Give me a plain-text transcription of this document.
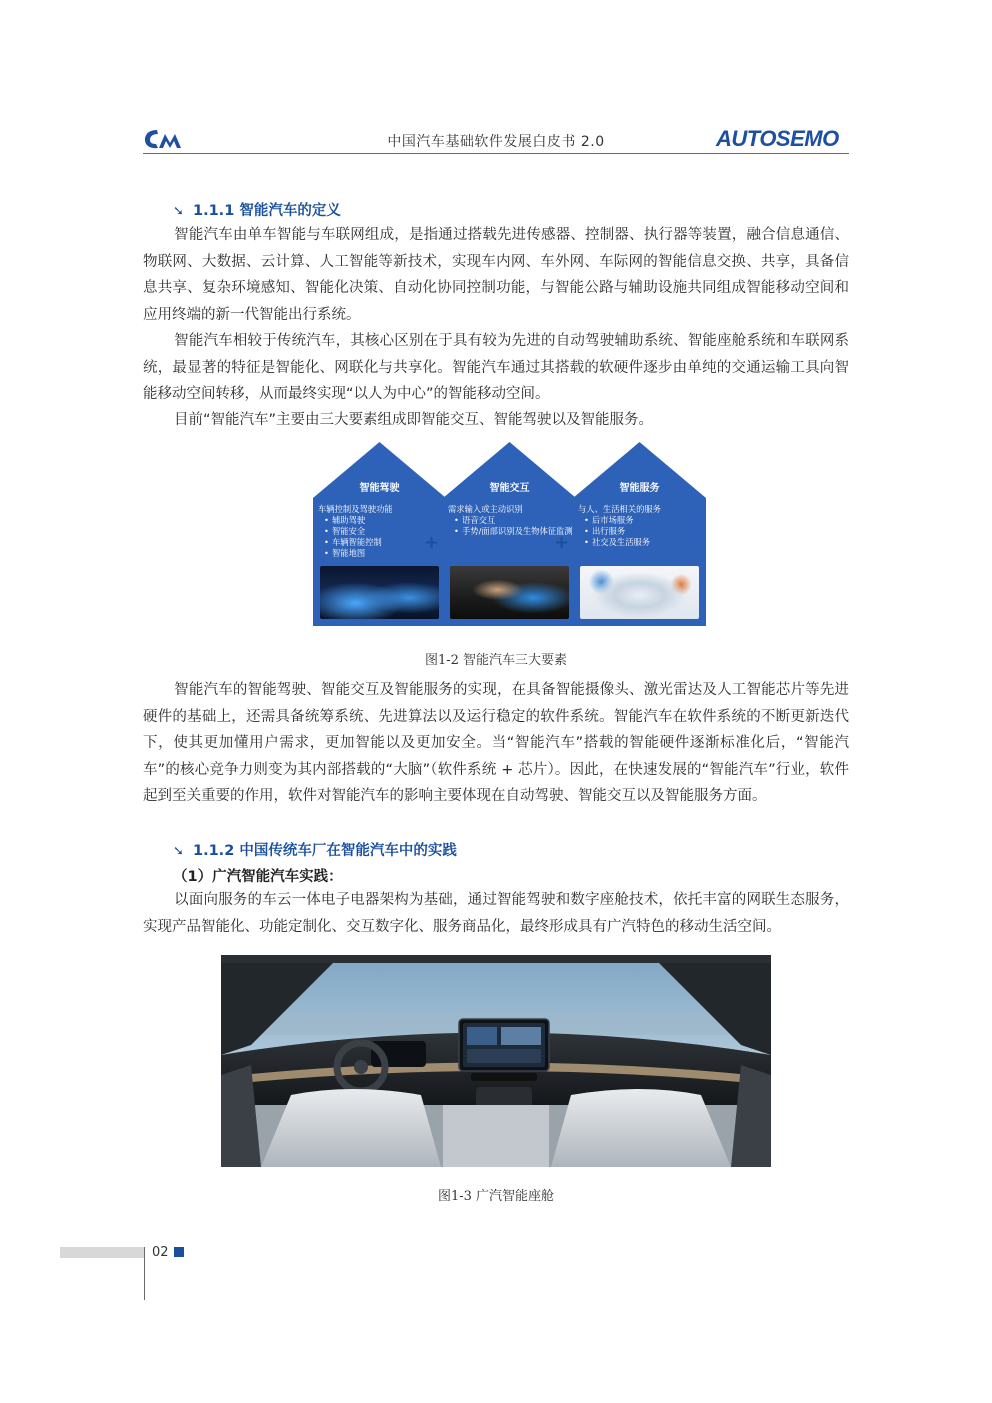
中国汽车基础软件发展白皮书 2.0	AUTOSEMO
➘ 1.1.1 智能汽车的定义
智能汽车由单车智能与车联网组成，是指通过搭载先进传感器、控制器、执行器等装置，融合信息通信、物联网、大数据、云计算、人工智能等新技术，实现车内网、车外网、车际网的智能信息交换、共享，具备信息共享、复杂环境感知、智能化决策、自动化协同控制功能，与智能公路与辅助设施共同组成智能移动空间和应用终端的新一代智能出行系统。
智能汽车相较于传统汽车，其核心区别在于具有较为先进的自动驾驶辅助系统、智能座舱系统和车联网系统，最显著的特征是智能化、网联化与共享化。智能汽车通过其搭载的软硬件逐步由单纯的交通运输工具向智能移动空间转移，从而最终实现“以人为中心”的智能移动空间。
目前“智能汽车”主要由三大要素组成即智能交互、智能驾驶以及智能服务。
智能驾驶
车辆控制及驾驶功能
• 辅助驾驶
• 智能安全
• 车辆智能控制
• 智能地图	+
智能交互
需求输入或主动识别
• 语音交互
• 手势/面部识别及生物体征监测
+
智能服务
与人、生活相关的服务
• 后市场服务
• 出行服务
• 社交及生活服务
图1-2 智能汽车三大要素
智能汽车的智能驾驶、智能交互及智能服务的实现，在具备智能摄像头、激光雷达及人工智能芯片等先进硬件的基础上，还需具备统筹系统、先进算法以及运行稳定的软件系统。智能汽车在软件系统的不断更新迭代下，使其更加懂用户需求，更加智能以及更加安全。当“智能汽车”搭载的智能硬件逐渐标准化后，“智能汽车”的核心竞争力则变为其内部搭载的“大脑”（软件系统 + 芯片）。因此，在快速发展的“智能汽车”行业，软件起到至关重要的作用，软件对智能汽车的影响主要体现在自动驾驶、智能交互以及智能服务方面。
➘ 1.1.2 中国传统车厂在智能汽车中的实践
（1）广汽智能汽车实践：
以面向服务的车云一体电子电器架构为基础，通过智能驾驶和数字座舱技术，依托丰富的网联生态服务，实现产品智能化、功能定制化、交互数字化、服务商品化，最终形成具有广汽特色的移动生活空间。
图1-3 广汽智能座舱
02
